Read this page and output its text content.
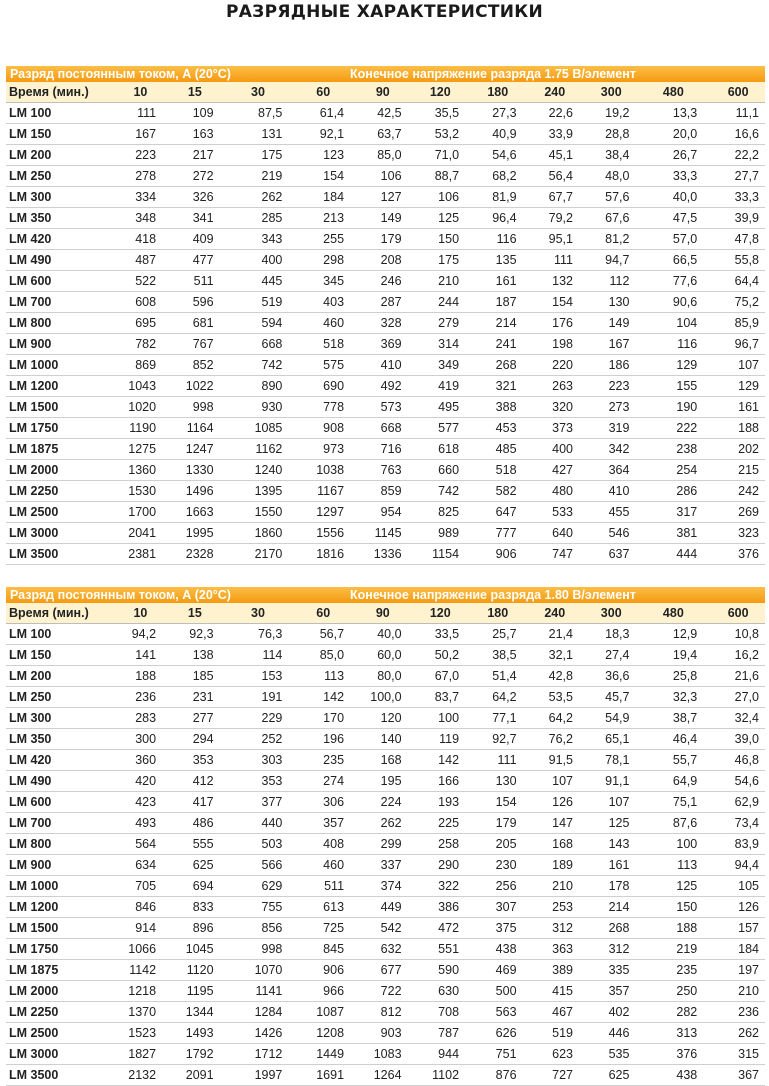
РАЗРЯДНЫЕ ХАРАКТЕРИСТИКИ
Разряд постоянным током, А (20°С)					Конечное напряжение разряда 1.75 В/элемент						
Время (мин.)	10	15	30	60	90	120	180	240	300	480	600
LM 100	111	109	87,5	61,4	42,5	35,5	27,3	22,6	19,2	13,3	11,1
LM 150	167	163	131	92,1	63,7	53,2	40,9	33,9	28,8	20,0	16,6
LM 200	223	217	175	123	85,0	71,0	54,6	45,1	38,4	26,7	22,2
LM 250	278	272	219	154	106	88,7	68,2	56,4	48,0	33,3	27,7
LM 300	334	326	262	184	127	106	81,9	67,7	57,6	40,0	33,3
LM 350	348	341	285	213	149	125	96,4	79,2	67,6	47,5	39,9
LM 420	418	409	343	255	179	150	116	95,1	81,2	57,0	47,8
LM 490	487	477	400	298	208	175	135	111	94,7	66,5	55,8
LM 600	522	511	445	345	246	210	161	132	112	77,6	64,4
LM 700	608	596	519	403	287	244	187	154	130	90,6	75,2
LM 800	695	681	594	460	328	279	214	176	149	104	85,9
LM 900	782	767	668	518	369	314	241	198	167	116	96,7
LM 1000	869	852	742	575	410	349	268	220	186	129	107
LM 1200	1043	1022	890	690	492	419	321	263	223	155	129
LM 1500	1020	998	930	778	573	495	388	320	273	190	161
LM 1750	1190	1164	1085	908	668	577	453	373	319	222	188
LM 1875	1275	1247	1162	973	716	618	485	400	342	238	202
LM 2000	1360	1330	1240	1038	763	660	518	427	364	254	215
LM 2250	1530	1496	1395	1167	859	742	582	480	410	286	242
LM 2500	1700	1663	1550	1297	954	825	647	533	455	317	269
LM 3000	2041	1995	1860	1556	1145	989	777	640	546	381	323
LM 3500	2381	2328	2170	1816	1336	1154	906	747	637	444	376
Разряд постоянным током, А (20°С)					Конечное напряжение разряда 1.80 В/элемент						
Время (мин.)	10	15	30	60	90	120	180	240	300	480	600
LM 100	94,2	92,3	76,3	56,7	40,0	33,5	25,7	21,4	18,3	12,9	10,8
LM 150	141	138	114	85,0	60,0	50,2	38,5	32,1	27,4	19,4	16,2
LM 200	188	185	153	113	80,0	67,0	51,4	42,8	36,6	25,8	21,6
LM 250	236	231	191	142	100,0	83,7	64,2	53,5	45,7	32,3	27,0
LM 300	283	277	229	170	120	100	77,1	64,2	54,9	38,7	32,4
LM 350	300	294	252	196	140	119	92,7	76,2	65,1	46,4	39,0
LM 420	360	353	303	235	168	142	111	91,5	78,1	55,7	46,8
LM 490	420	412	353	274	195	166	130	107	91,1	64,9	54,6
LM 600	423	417	377	306	224	193	154	126	107	75,1	62,9
LM 700	493	486	440	357	262	225	179	147	125	87,6	73,4
LM 800	564	555	503	408	299	258	205	168	143	100	83,9
LM 900	634	625	566	460	337	290	230	189	161	113	94,4
LM 1000	705	694	629	511	374	322	256	210	178	125	105
LM 1200	846	833	755	613	449	386	307	253	214	150	126
LM 1500	914	896	856	725	542	472	375	312	268	188	157
LM 1750	1066	1045	998	845	632	551	438	363	312	219	184
LM 1875	1142	1120	1070	906	677	590	469	389	335	235	197
LM 2000	1218	1195	1141	966	722	630	500	415	357	250	210
LM 2250	1370	1344	1284	1087	812	708	563	467	402	282	236
LM 2500	1523	1493	1426	1208	903	787	626	519	446	313	262
LM 3000	1827	1792	1712	1449	1083	944	751	623	535	376	315
LM 3500	2132	2091	1997	1691	1264	1102	876	727	625	438	367
